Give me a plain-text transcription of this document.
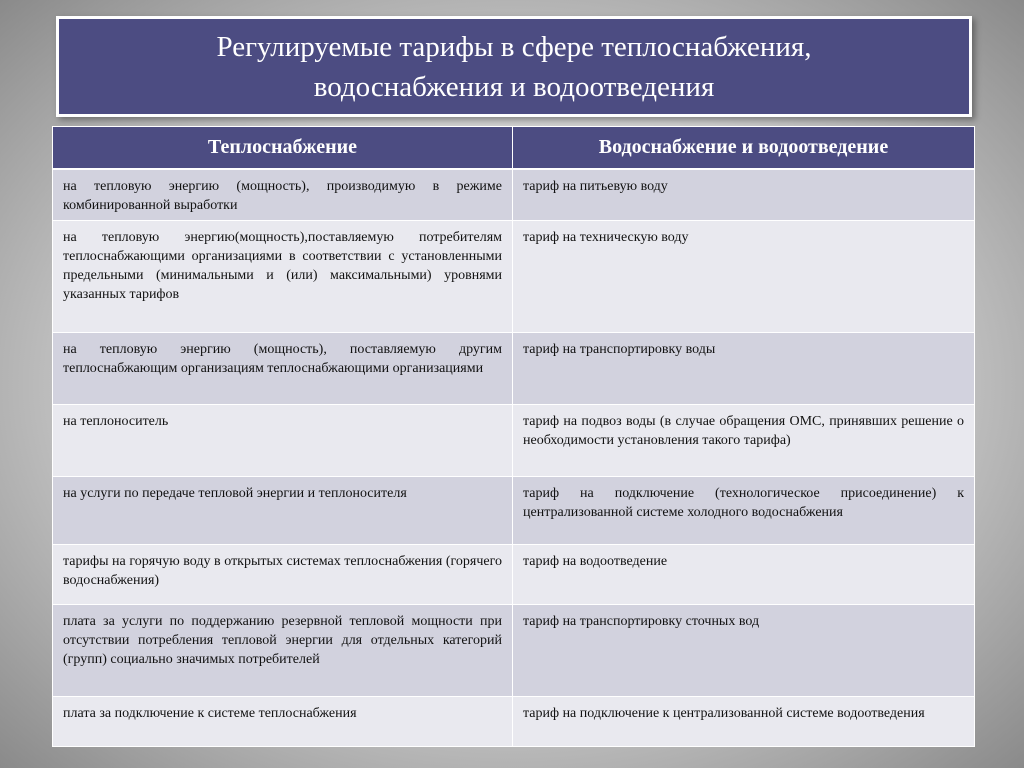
Регулируемые тарифы в сфере теплоснабжения,
водоснабжения и водоотведения
Теплоснабжение	Водоснабжение и водоотведение
на тепловую энергию (мощность), производимую в режиме комбинированной выработки	тариф на питьевую воду
на тепловую энергию(мощность),поставляемую потребителям теплоснабжающими организациями в соответствии с установленными предельными (минимальными и (или) максимальными) уровнями указанных тарифов	тариф на техническую воду
на тепловую энергию (мощность), поставляемую другим теплоснабжающим организациям теплоснабжающими организациями	тариф на транспортировку воды
на теплоноситель	тариф на подвоз воды (в случае обращения ОМС, принявших решение о необходимости установления такого тарифа)
на услуги по передаче тепловой энергии и теплоносителя	тариф на подключение (технологическое присоединение) к централизованной системе холодного водоснабжения
тарифы на горячую воду в открытых системах теплоснабжения (горячего водоснабжения)	тариф на водоотведение
плата за услуги по поддержанию резервной тепловой мощности при отсутствии потребления тепловой энергии для отдельных категорий (групп) социально значимых потребителей	тариф на транспортировку сточных вод
плата за подключение к системе теплоснабжения	тариф на подключение к централизованной системе водоотведения
